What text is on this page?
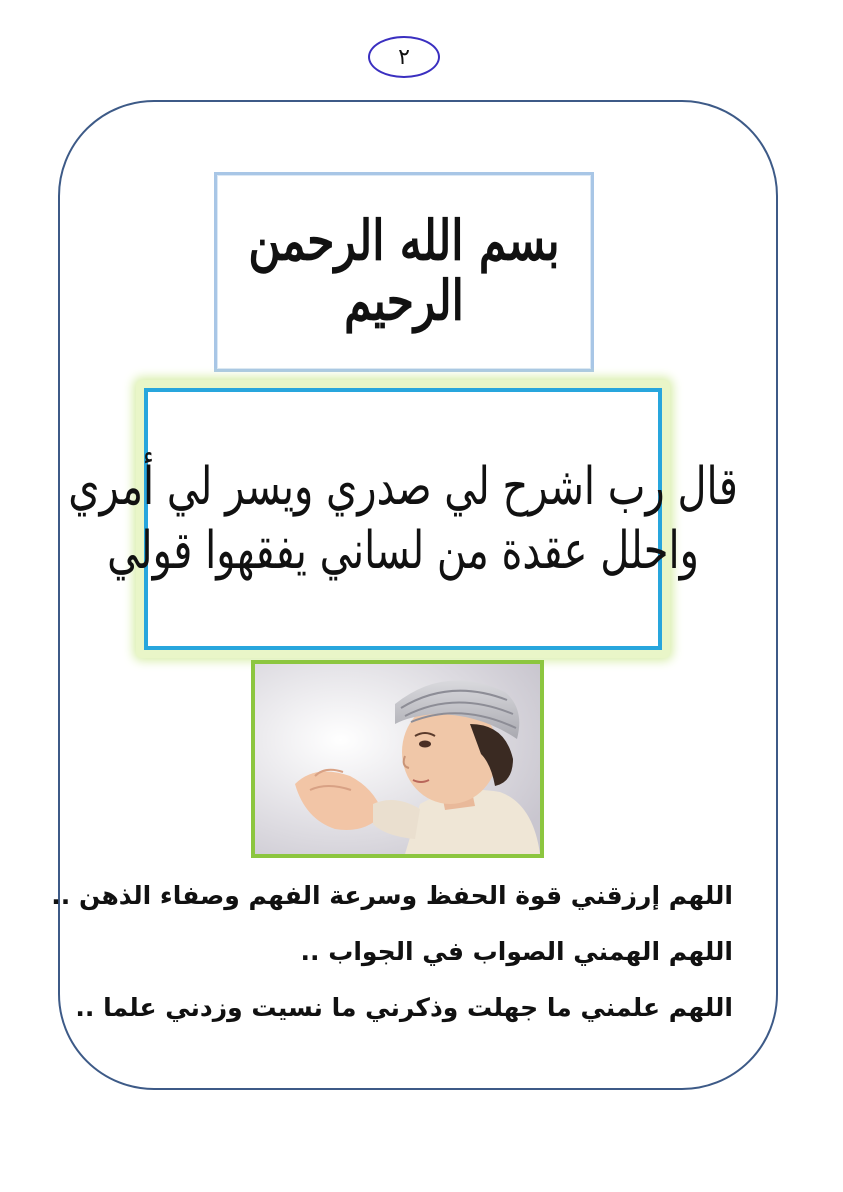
٢
بسم الله الرحمن الرحيم
قال رب اشرح لي صدري ويسر لي أمري
واحلل عقدة من لساني يفقهوا قولي
اللهم إرزقني قوة الحفظ وسرعة الفهم وصفاء الذهن ..
اللهم الهمني الصواب في الجواب ..
اللهم علمني ما جهلت وذكرني ما نسيت وزدني علما ..
